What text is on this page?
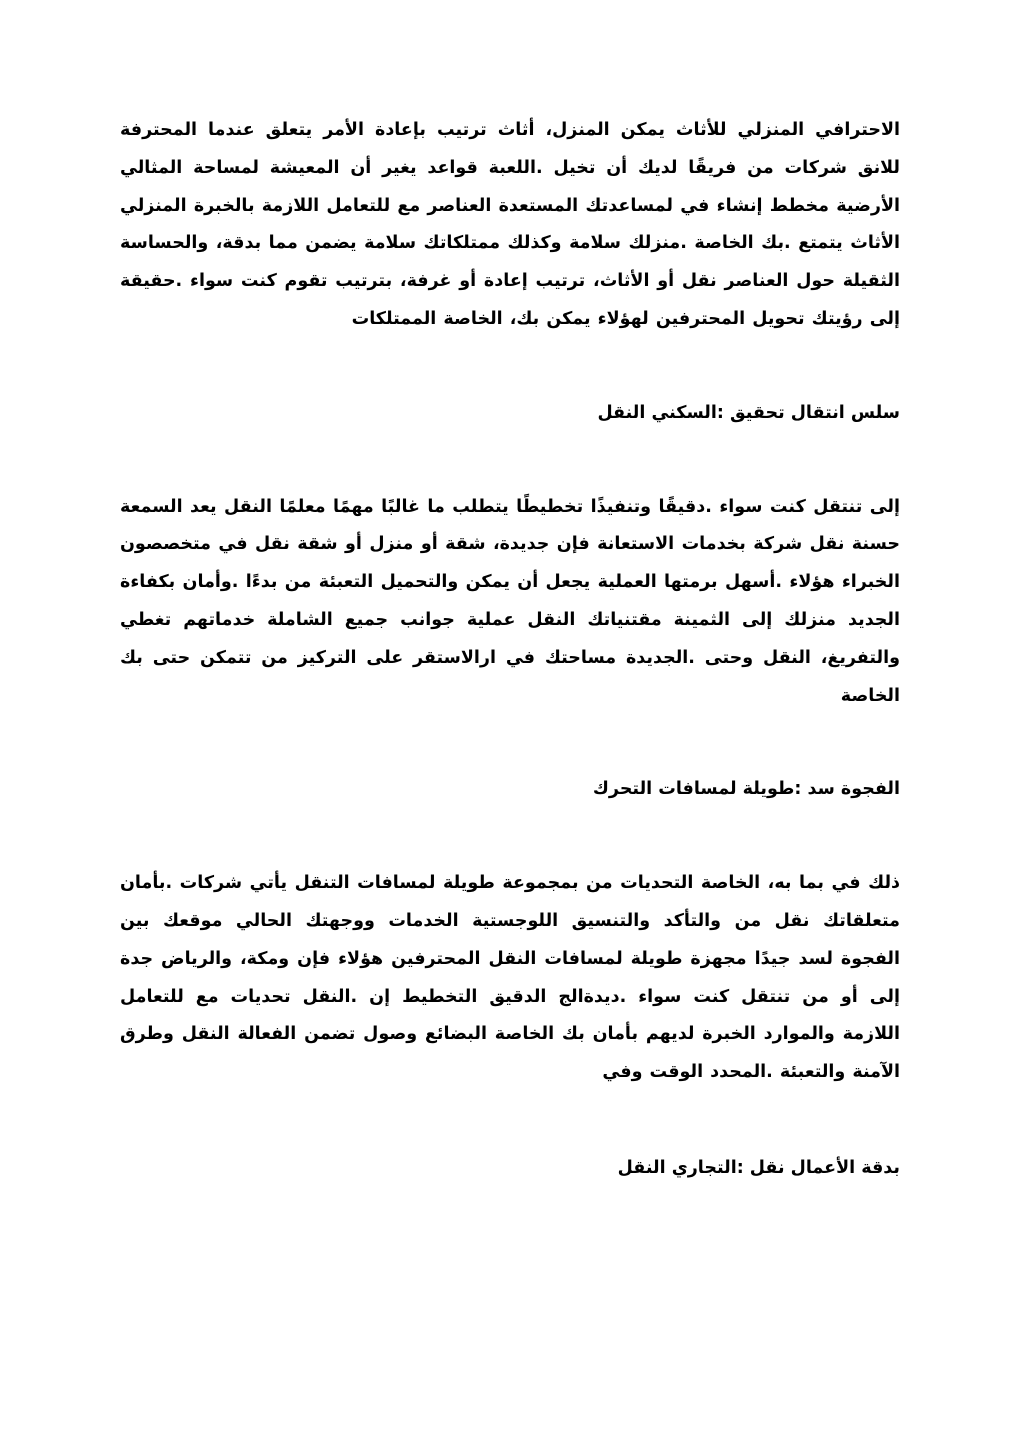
الاحترافي المنزلي للأثاث يمكن المنزل، أثاث ترتيب بإعادة الأمر يتعلق عندما المحترفة للانق شركات من فريقًا لديك أن تخيل .اللعبة قواعد يغير أن المعيشة لمساحة المثالي الأرضية مخطط إنشاء في لمساعدتك المستعدة العناصر مع للتعامل اللازمة بالخبرة المنزلي الأثاث يتمتع .بك الخاصة .منزلك سلامة وكذلك ممتلكاتك سلامة يضمن مما بدقة، والحساسة الثقيلة حول العناصر نقل أو الأثاث، ترتيب إعادة أو غرفة، بترتيب تقوم كنت سواء .حقيقة إلى رؤيتك تحويل المحترفين لهؤلاء يمكن بك، الخاصة الممتلكات

سلس انتقال تحقيق :السكني النقل

إلى تنتقل كنت سواء .دقيقًا وتنفيذًا تخطيطًا يتطلب ما غالبًا مهمًا معلمًا النقل يعد السمعة حسنة نقل شركة بخدمات الاستعانة فإن جديدة، شقة أو منزل أو شقة نقل في متخصصون الخبراء هؤلاء .أسهل برمتها العملية يجعل أن يمكن والتحميل التعبئة من بدءًا .وأمان بكفاءة الجديد منزلك إلى الثمينة مقتنياتك النقل عملية جوانب جميع الشاملة خدماتهم تغطي والتفريغ، النقل وحتى .الجديدة مساحتك في ارالاستقر على التركيز من تتمكن حتى بك الخاصة

الفجوة سد :طويلة لمسافات التحرك

ذلك في بما به، الخاصة التحديات من بمجموعة طويلة لمسافات التنقل يأتي شركات .بأمان متعلقاتك نقل من والتأكد والتنسيق اللوجستية الخدمات ووجهتك الحالي موقعك بين الفجوة لسد جيدًا مجهزة طويلة لمسافات النقل المحترفين هؤلاء فإن ومكة، والرياض جدة إلى أو من تنتقل كنت سواء .ديدةالج الدقيق التخطيط إن .النقل تحديات مع للتعامل اللازمة والموارد الخبرة لديهم بأمان بك الخاصة البضائع وصول تضمن الفعالة النقل وطرق الآمنة والتعبئة .المحدد الوقت وفي

بدقة الأعمال نقل :التجاري النقل
